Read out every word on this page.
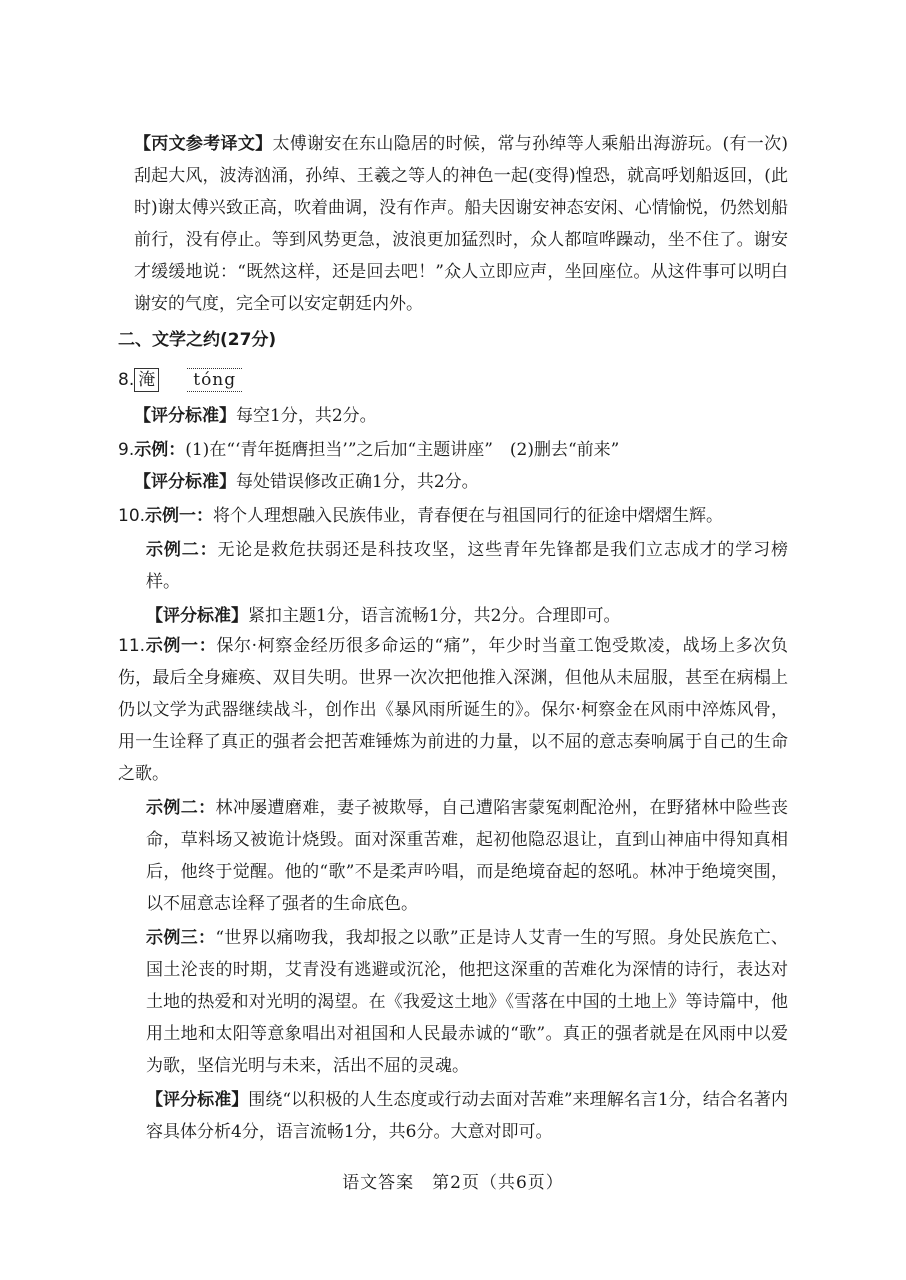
【丙文参考译文】太傅谢安在东山隐居的时候，常与孙绰等人乘船出海游玩。(有一次)刮起大风，波涛汹涌，孙绰、王羲之等人的神色一起(变得)惶恐，就高呼划船返回，(此时)谢太傅兴致正高，吹着曲调，没有作声。船夫因谢安神态安闲、心情愉悦，仍然划船前行，没有停止。等到风势更急，波浪更加猛烈时，众人都喧哗躁动，坐不住了。谢安才缓缓地说：“既然这样，还是回去吧！”众人立即应声，坐回座位。从这件事可以明白谢安的气度，完全可以安定朝廷内外。

二、文学之约(27分)

8. 淹 tóng

【评分标准】每空1分，共2分。

9.示例：(1)在“‘青年挺膺担当’”之后加“主题讲座”　(2)删去“前来”

【评分标准】每处错误修改正确1分，共2分。

10.示例一：将个人理想融入民族伟业，青春便在与祖国同行的征途中熠熠生辉。

示例二：无论是救危扶弱还是科技攻坚，这些青年先锋都是我们立志成才的学习榜样。

【评分标准】紧扣主题1分，语言流畅1分，共2分。合理即可。

11.示例一：保尔·柯察金经历很多命运的“痛”，年少时当童工饱受欺凌，战场上多次负伤，最后全身瘫痪、双目失明。世界一次次把他推入深渊，但他从未屈服，甚至在病榻上仍以文学为武器继续战斗，创作出《暴风雨所诞生的》。保尔·柯察金在风雨中淬炼风骨，用一生诠释了真正的强者会把苦难锤炼为前进的力量，以不屈的意志奏响属于自己的生命之歌。

示例二：林冲屡遭磨难，妻子被欺辱，自己遭陷害蒙冤刺配沧州，在野猪林中险些丧命，草料场又被诡计烧毁。面对深重苦难，起初他隐忍退让，直到山神庙中得知真相后，他终于觉醒。他的“歌”不是柔声吟唱，而是绝境奋起的怒吼。林冲于绝境突围，以不屈意志诠释了强者的生命底色。

示例三：“世界以痛吻我，我却报之以歌”正是诗人艾青一生的写照。身处民族危亡、国土沦丧的时期，艾青没有逃避或沉沦，他把这深重的苦难化为深情的诗行，表达对土地的热爱和对光明的渴望。在《我爱这土地》《雪落在中国的土地上》等诗篇中，他用土地和太阳等意象唱出对祖国和人民最赤诚的“歌”。真正的强者就是在风雨中以爱为歌，坚信光明与未来，活出不屈的灵魂。

【评分标准】围绕“以积极的人生态度或行动去面对苦难”来理解名言1分，结合名著内容具体分析4分，语言流畅1分，共6分。大意对即可。

语文答案　第2页（共6页）
